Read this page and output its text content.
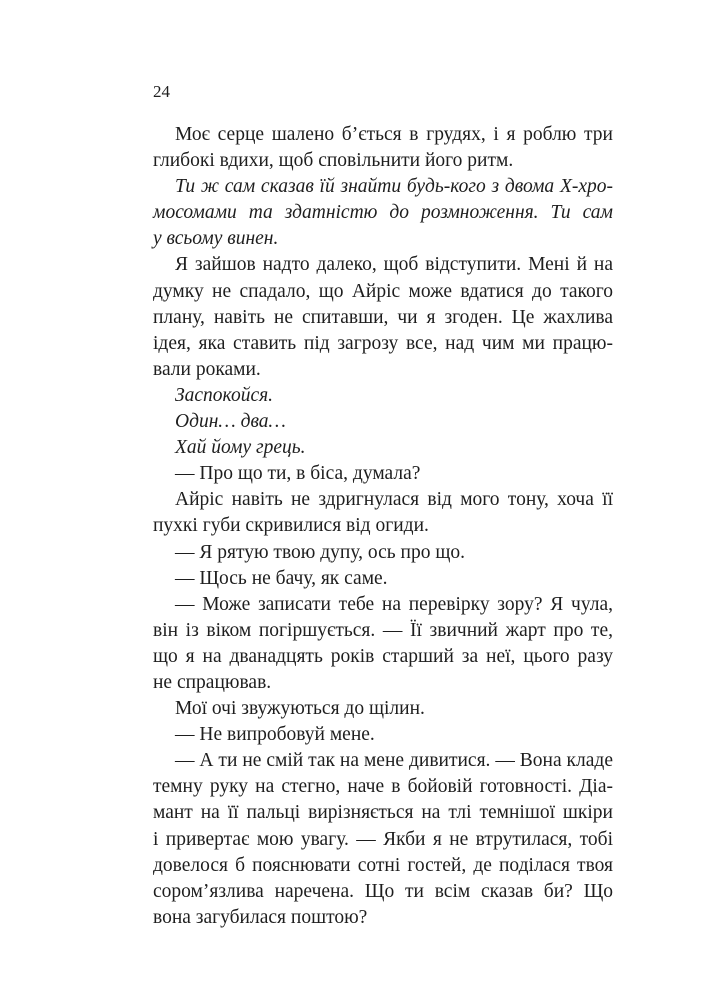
24
Моє серце шалено б’ється в грудях, і я роблю три
глибокі вдихи, щоб сповільнити його ритм.
Ти ж сам сказав їй знайти будь-кого з двома Х-хро-
мосомами та здатністю до розмноження. Ти сам
у всьому винен.
Я зайшов надто далеко, щоб відступити. Мені й на
думку не спадало, що Айріс може вдатися до такого
плану, навіть не спитавши, чи я згоден. Це жахлива
ідея, яка ставить під загрозу все, над чим ми працю-
вали роками.
Заспокойся.
Один… два…
Хай йому грець.
— Про що ти, в біса, думала?
Айріс навіть не здригнулася від мого тону, хоча її
пухкі губи скривилися від огиди.
— Я рятую твою дупу, ось про що.
— Щось не бачу, як саме.
— Може записати тебе на перевірку зору? Я чула,
він із віком погіршується. — Її звичний жарт про те,
що я на дванадцять років старший за неї, цього разу
не спрацював.
Мої очі звужуються до щілин.
— Не випробовуй мене.
— А ти не смій так на мене дивитися. — Вона кладе
темну руку на стегно, наче в бойовій готовності. Діа-
мант на її пальці вирізняється на тлі темнішої шкіри
і привертає мою увагу. — Якби я не втрутилася, тобі
довелося б пояснювати сотні гостей, де поділася твоя
сором’язлива наречена. Що ти всім сказав би? Що
вона загубилася поштою?
